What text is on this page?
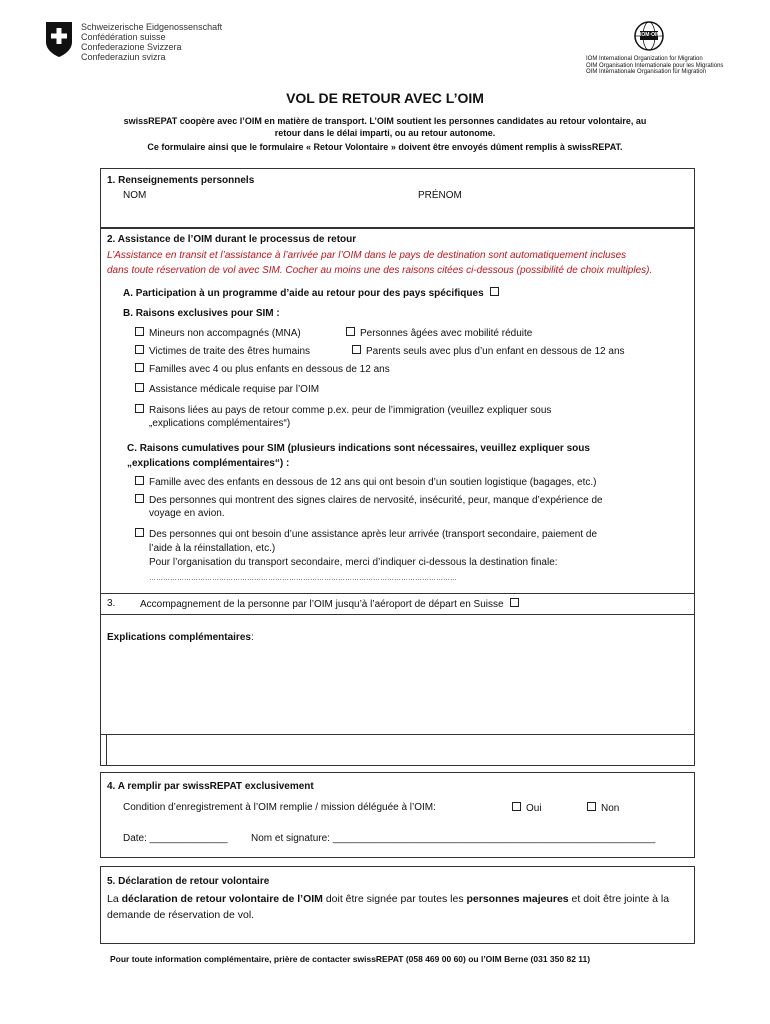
Schweizerische Eidgenossenschaft
Confédération suisse
Confederazione Svizzera
Confederaziun svizra
IOM·OIM
IOM International Organization for Migration
OIM Organisation Internationale pour les Migrations
OIM Internationale Organisation für Migration
VOL DE RETOUR AVEC L’OIM
swissREPAT coopère avec l’OIM en matière de transport. L’OIM soutient les personnes candidates au retour volontaire, au
retour dans le délai imparti, ou au retour autonome.
Ce formulaire ainsi que le formulaire « Retour Volontaire » doivent être envoyés dûment remplis à swissREPAT.
1. Renseignements personnels
NOM	PRÉNOM
2. Assistance de l’OIM durant le processus de retour
L’Assistance en transit et l’assistance à l’arrivée par l’OIM dans le pays de destination sont automatiquement incluses
dans toute réservation de vol avec SIM. Cocher au moins une des raisons citées ci-dessous (possibilité de choix multiples).
A. Participation à un programme d’aide au retour pour des pays spécifiques
B. Raisons exclusives pour SIM :
Mineurs non accompagnés (MNA)	Personnes âgées avec mobilité réduite
Victimes de traite des êtres humains	Parents seuls avec plus d’un enfant en dessous de 12 ans
Familles avec 4 ou plus enfants en dessous de 12 ans
Assistance médicale requise par l’OIM
Raisons liées au pays de retour comme p.ex. peur de l’immigration (veuillez expliquer sous
„explications complémentaires“)
C. Raisons cumulatives pour SIM (plusieurs indications sont nécessaires, veuillez expliquer sous
„explications complémentaires“) :
Famille avec des enfants en dessous de 12 ans qui ont besoin d’un soutien logistique (bagages, etc.)
Des personnes qui montrent des signes claires de nervosité, insécurité, peur, manque d’expérience de
voyage en avion.
Des personnes qui ont besoin d’une assistance après leur arrivée (transport secondaire, paiement de
l’aide à la réinstallation, etc.)
Pour l’organisation du transport secondaire, merci d’indiquer ci-dessous la destination finale:
……………………………………………………………………………………………………………………
3. Accompagnement de la personne par l’OIM jusqu’à l’aéroport de départ en Suisse
Explications complémentaires:
4. A remplir par swissREPAT exclusivement
Condition d’enregistrement à l’OIM remplie / mission déléguée à l’OIM:	Oui	Non
Date: ______________ Nom et signature: __________________________________________________________
5. Déclaration de retour volontaire
La déclaration de retour volontaire de l’OIM doit être signée par toutes les personnes majeures et doit être jointe à la
demande de réservation de vol.
Pour toute information complémentaire, prière de contacter swissREPAT (058 469 00 60) ou l’OIM Berne (031 350 82 11)
